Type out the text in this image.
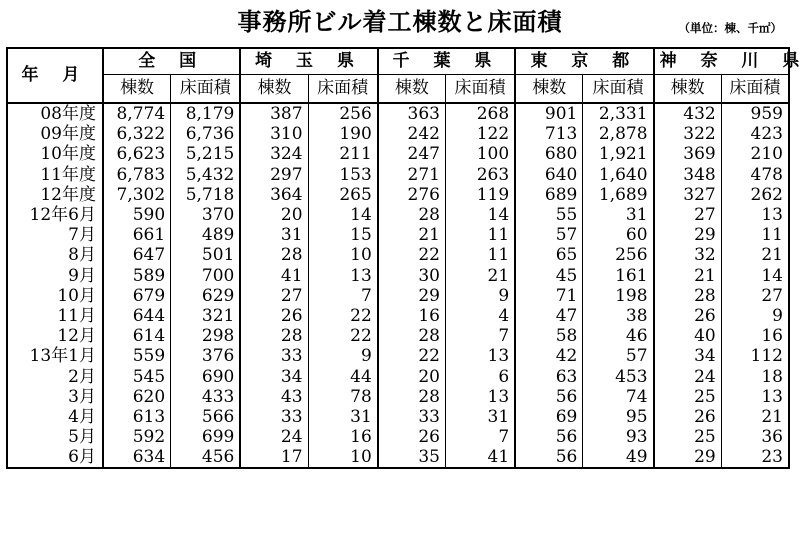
事務所ビル着工棟数と床面積	（単位：棟、千㎡）
年 月	全 国		埼 玉 県		千 葉 県		東 京 都		神 奈 川 県	
	棟数	床面積	棟数	床面積	棟数	床面積	棟数	床面積	棟数	床面積
08年度	8,774	8,179	387	256	363	268	901	2,331	432	959
09年度	6,322	6,736	310	190	242	122	713	2,878	322	423
10年度	6,623	5,215	324	211	247	100	680	1,921	369	210
11年度	6,783	5,432	297	153	271	263	640	1,640	348	478
12年度	7,302	5,718	364	265	276	119	689	1,689	327	262
12年6月	590	370	20	14	28	14	55	31	27	13
7月	661	489	31	15	21	11	57	60	29	11
8月	647	501	28	10	22	11	65	256	32	21
9月	589	700	41	13	30	21	45	161	21	14
10月	679	629	27	7	29	9	71	198	28	27
11月	644	321	26	22	16	4	47	38	26	9
12月	614	298	28	22	28	7	58	46	40	16
13年1月	559	376	33	9	22	13	42	57	34	112
2月	545	690	34	44	20	6	63	453	24	18
3月	620	433	43	78	28	13	56	74	25	13
4月	613	566	33	31	33	31	69	95	26	21
5月	592	699	24	16	26	7	56	93	25	36
6月	634	456	17	10	35	41	56	49	29	23
